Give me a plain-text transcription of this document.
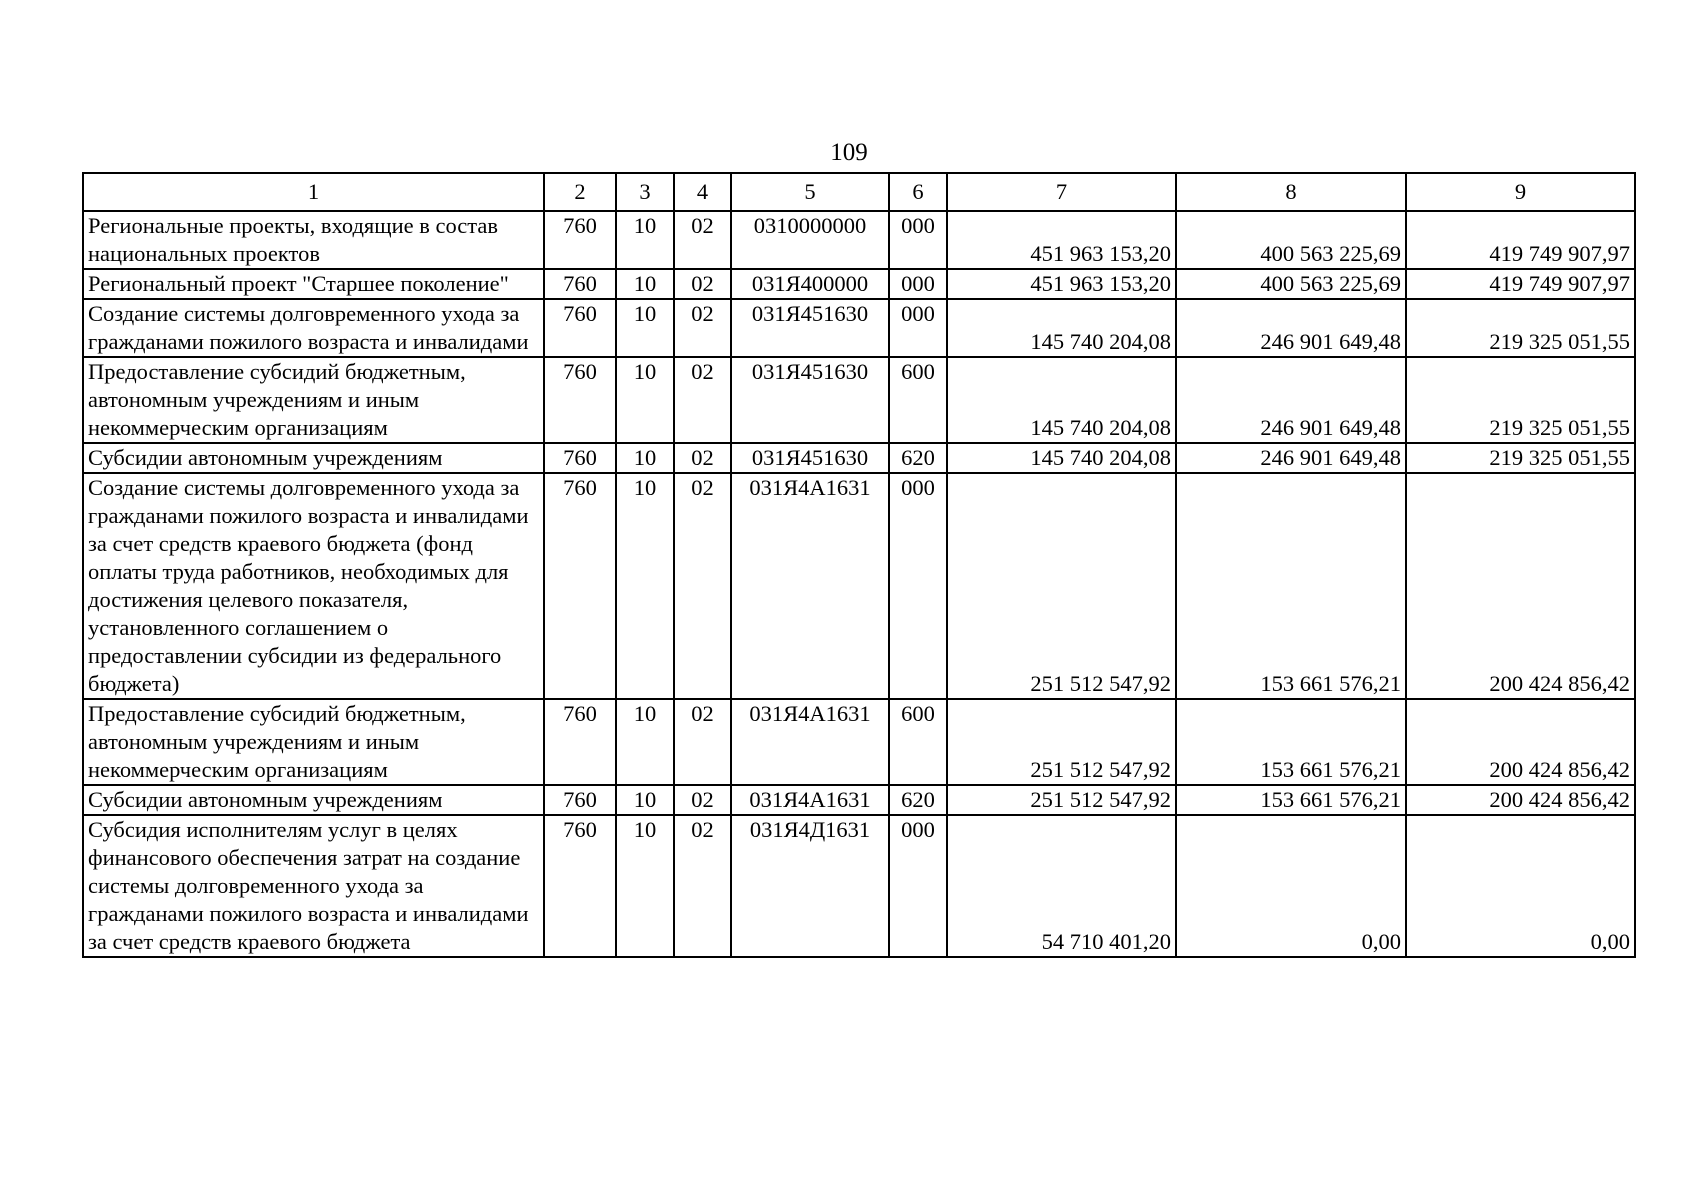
109
1	2	3	4	5	6	7	8	9
Региональные проекты, входящие в состав национальных проектов	760	10	02	0310000000	000	451 963 153,20	400 563 225,69	419 749 907,97
Региональный проект "Старшее поколение"	760	10	02	031Я400000	000	451 963 153,20	400 563 225,69	419 749 907,97
Создание системы долговременного ухода за гражданами пожилого возраста и инвалидами	760	10	02	031Я451630	000	145 740 204,08	246 901 649,48	219 325 051,55
Предоставление субсидий бюджетным, автономным учреждениям и иным некоммерческим организациям	760	10	02	031Я451630	600	145 740 204,08	246 901 649,48	219 325 051,55
Субсидии автономным учреждениям	760	10	02	031Я451630	620	145 740 204,08	246 901 649,48	219 325 051,55
Создание системы долговременного ухода за гражданами пожилого возраста и инвалидами за счет средств краевого бюджета (фонд оплаты труда работников, необходимых для достижения целевого показателя, установленного соглашением о предоставлении субсидии из федерального бюджета)	760	10	02	031Я4А1631	000	251 512 547,92	153 661 576,21	200 424 856,42
Предоставление субсидий бюджетным, автономным учреждениям и иным некоммерческим организациям	760	10	02	031Я4А1631	600	251 512 547,92	153 661 576,21	200 424 856,42
Субсидии автономным учреждениям	760	10	02	031Я4А1631	620	251 512 547,92	153 661 576,21	200 424 856,42
Субсидия исполнителям услуг в целях финансового обеспечения затрат на создание системы долговременного ухода за гражданами пожилого возраста и инвалидами за счет средств краевого бюджета	760	10	02	031Я4Д1631	000	54 710 401,20	0,00	0,00
